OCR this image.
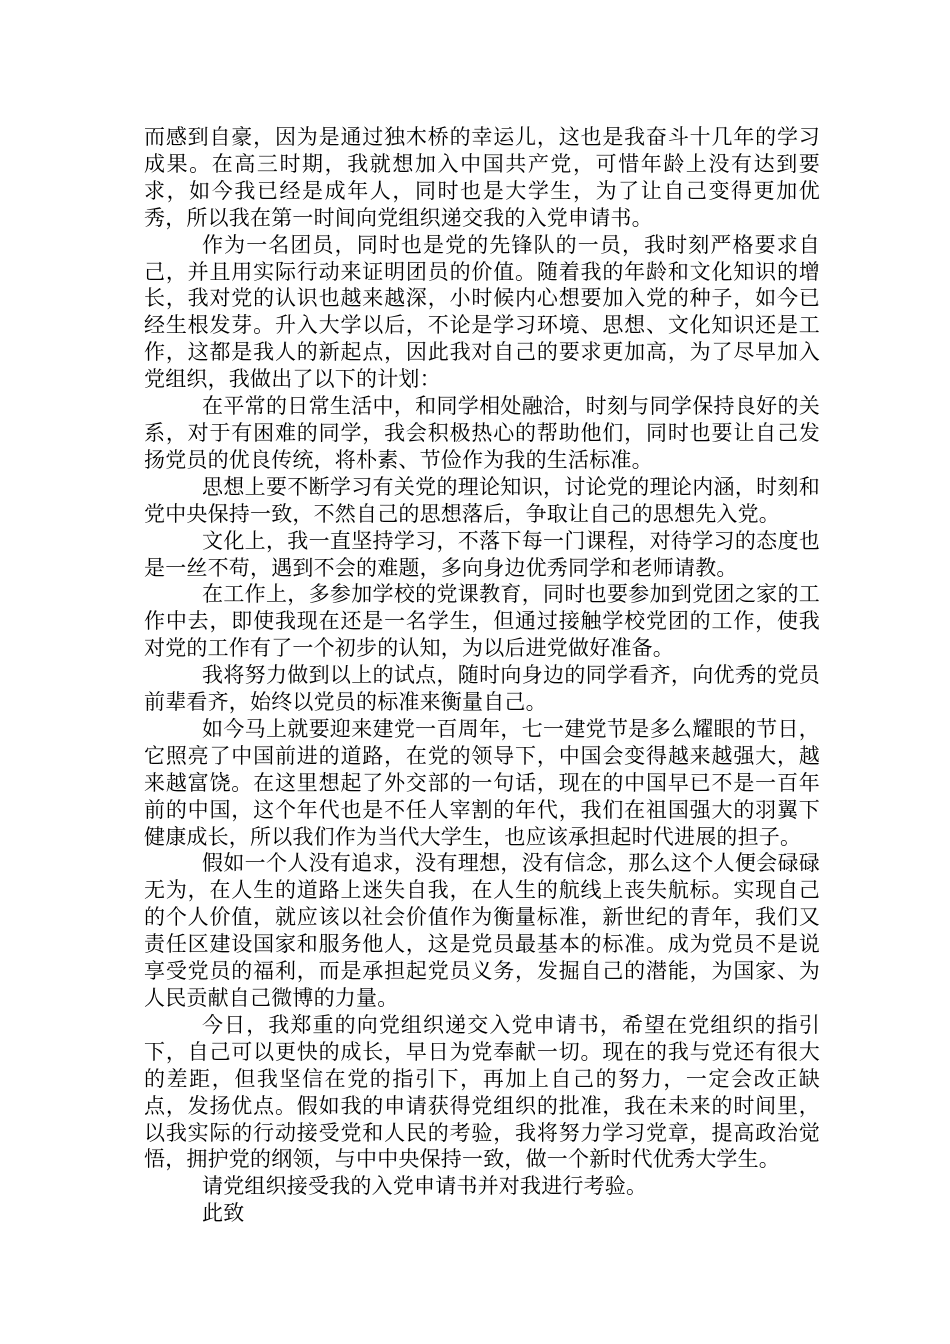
而感到自豪，因为是通过独木桥的幸运儿，这也是我奋斗十几年的学习成果。在高三时期，我就想加入中国共产党，可惜年龄上没有达到要求，如今我已经是成年人，同时也是大学生，为了让自己变得更加优秀，所以我在第一时间向党组织递交我的入党申请书。

作为一名团员，同时也是党的先锋队的一员，我时刻严格要求自己，并且用实际行动来证明团员的价值。随着我的年龄和文化知识的增长，我对党的认识也越来越深，小时候内心想要加入党的种子，如今已经生根发芽。升入大学以后，不论是学习环境、思想、文化知识还是工作，这都是我人的新起点，因此我对自己的要求更加高，为了尽早加入党组织，我做出了以下的计划：

在平常的日常生活中，和同学相处融洽，时刻与同学保持良好的关系，对于有困难的同学，我会积极热心的帮助他们，同时也要让自己发扬党员的优良传统，将朴素、节俭作为我的生活标准。

思想上要不断学习有关党的理论知识，讨论党的理论内涵，时刻和党中央保持一致，不然自己的思想落后，争取让自己的思想先入党。

文化上，我一直坚持学习，不落下每一门课程，对待学习的态度也是一丝不苟，遇到不会的难题，多向身边优秀同学和老师请教。

在工作上，多参加学校的党课教育，同时也要参加到党团之家的工作中去，即使我现在还是一名学生，但通过接触学校党团的工作，使我对党的工作有了一个初步的认知，为以后进党做好准备。

我将努力做到以上的试点，随时向身边的同学看齐，向优秀的党员前辈看齐，始终以党员的标准来衡量自己。

如今马上就要迎来建党一百周年，七一建党节是多么耀眼的节日，它照亮了中国前进的道路，在党的领导下，中国会变得越来越强大，越来越富饶。在这里想起了外交部的一句话，现在的中国早已不是一百年前的中国，这个年代也是不任人宰割的年代，我们在祖国强大的羽翼下健康成长，所以我们作为当代大学生，也应该承担起时代进展的担子。

假如一个人没有追求，没有理想，没有信念，那么这个人便会碌碌无为，在人生的道路上迷失自我，在人生的航线上丧失航标。实现自己的个人价值，就应该以社会价值作为衡量标准，新世纪的青年，我们又责任区建设国家和服务他人，这是党员最基本的标准。成为党员不是说享受党员的福利，而是承担起党员义务，发掘自己的潜能，为国家、为人民贡献自己微博的力量。

今日，我郑重的向党组织递交入党申请书，希望在党组织的指引下，自己可以更快的成长，早日为党奉献一切。现在的我与党还有很大的差距，但我坚信在党的指引下，再加上自己的努力，一定会改正缺点，发扬优点。假如我的申请获得党组织的批准，我在未来的时间里，以我实际的行动接受党和人民的考验，我将努力学习党章，提高政治觉悟，拥护党的纲领，与中中央保持一致，做一个新时代优秀大学生。

请党组织接受我的入党申请书并对我进行考验。

此致
